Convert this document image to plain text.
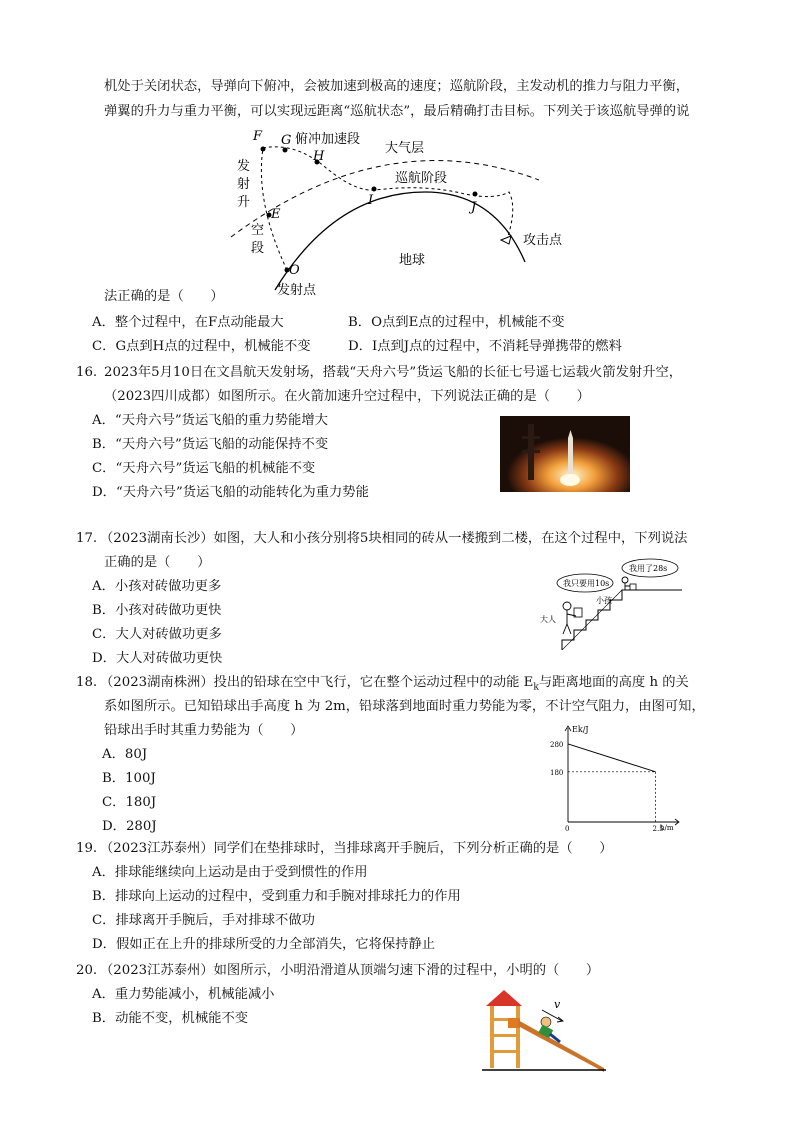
机处于关闭状态，导弹向下俯冲，会被加速到极高的速度；巡航阶段，主发动机的推力与阻力平衡，
弹翼的升力与重力平衡，可以实现远距离“巡航状态”，最后精确打击目标。下列关于该巡航导弹的说
F G 俯冲加速段
H
大气层
巡航阶段
I	J
发
射
升
E
空
段
地球
攻击点
O
发射点
法正确的是（　　）
A．整个过程中，在F点动能最大	B．O点到E点的过程中，机械能不变
C．G点到H点的过程中，机械能不变	D．I点到J点的过程中，不消耗导弹携带的燃料
16. 2023年5月10日在文昌航天发射场，搭载“天舟六号”货运飞船的长征七号遥七运载火箭发射升空，
（2023四川成都）如图所示。在火箭加速升空过程中，下列说法正确的是（　　）
A．“天舟六号”货运飞船的重力势能增大
B．“天舟六号”货运飞船的动能保持不变
C．“天舟六号”货运飞船的机械能不变
D．“天舟六号”货运飞船的动能转化为重力势能
17. （2023湖南长沙）如图，大人和小孩分别将5块相同的砖从一楼搬到二楼，在这个过程中，下列说法
正确的是（　　）
A．小孩对砖做功更多
B．小孩对砖做功更快
C．大人对砖做功更多
D．大人对砖做功更快
我只要用10s
我用了28s
大人
小孩
18. （2023湖南株洲）投出的铅球在空中飞行，它在整个运动过程中的动能 $E_k$与距离地面的高度 h 的关
系如图所示。已知铅球出手高度 h 为 2m，铅球落到地面时重力势能为零，不计空气阻力，由图可知，
铅球出手时其重力势能为（　　）
A．80J
B．100J
C．180J
D．280J
Ek/J
h/m
280
180
0	2.5
19. （2023江苏泰州）同学们在垫排球时，当排球离开手腕后，下列分析正确的是（　　）
A．排球能继续向上运动是由于受到惯性的作用
B．排球向上运动的过程中，受到重力和手腕对排球托力的作用
C．排球离开手腕后，手对排球不做功
D．假如正在上升的排球所受的力全部消失，它将保持静止
20. （2023江苏泰州）如图所示，小明沿滑道从顶端匀速下滑的过程中，小明的（　　）
A．重力势能减小，机械能减小
B．动能不变，机械能不变
v
